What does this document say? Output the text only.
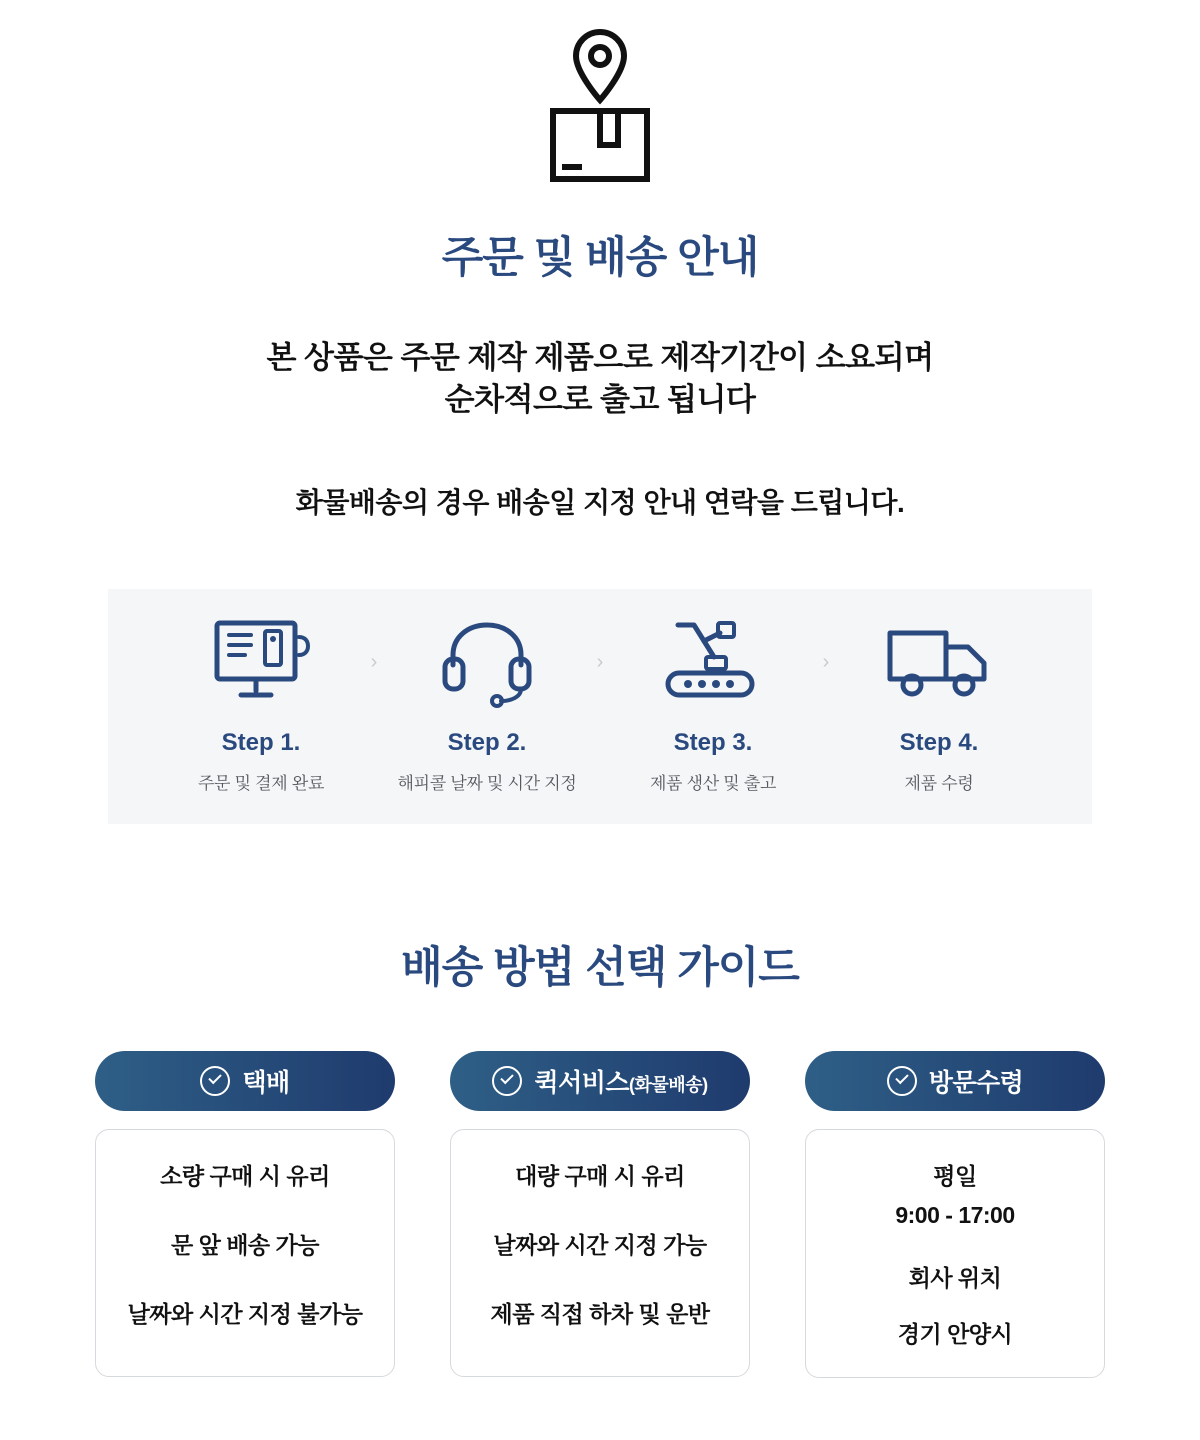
주문 및 배송 안내
본 상품은 주문 제작 제품으로 제작기간이 소요되며
순차적으로 출고 됩니다
화물배송의 경우 배송일 지정 안내 연락을 드립니다.
Step 1.
주문 및 결제 완료
›
Step 2.
해피콜 날짜 및 시간 지정
›
Step 3.
제품 생산 및 출고
›
Step 4.
제품 수령
배송 방법 선택 가이드
택배
소량 구매 시 유리
문 앞 배송 가능
날짜와 시간 지정 불가능
퀵서비스(화물배송)
대량 구매 시 유리
날짜와 시간 지정 가능
제품 직접 하차 및 운반
방문수령
평일
9:00 - 17:00
회사 위치
경기 안양시
